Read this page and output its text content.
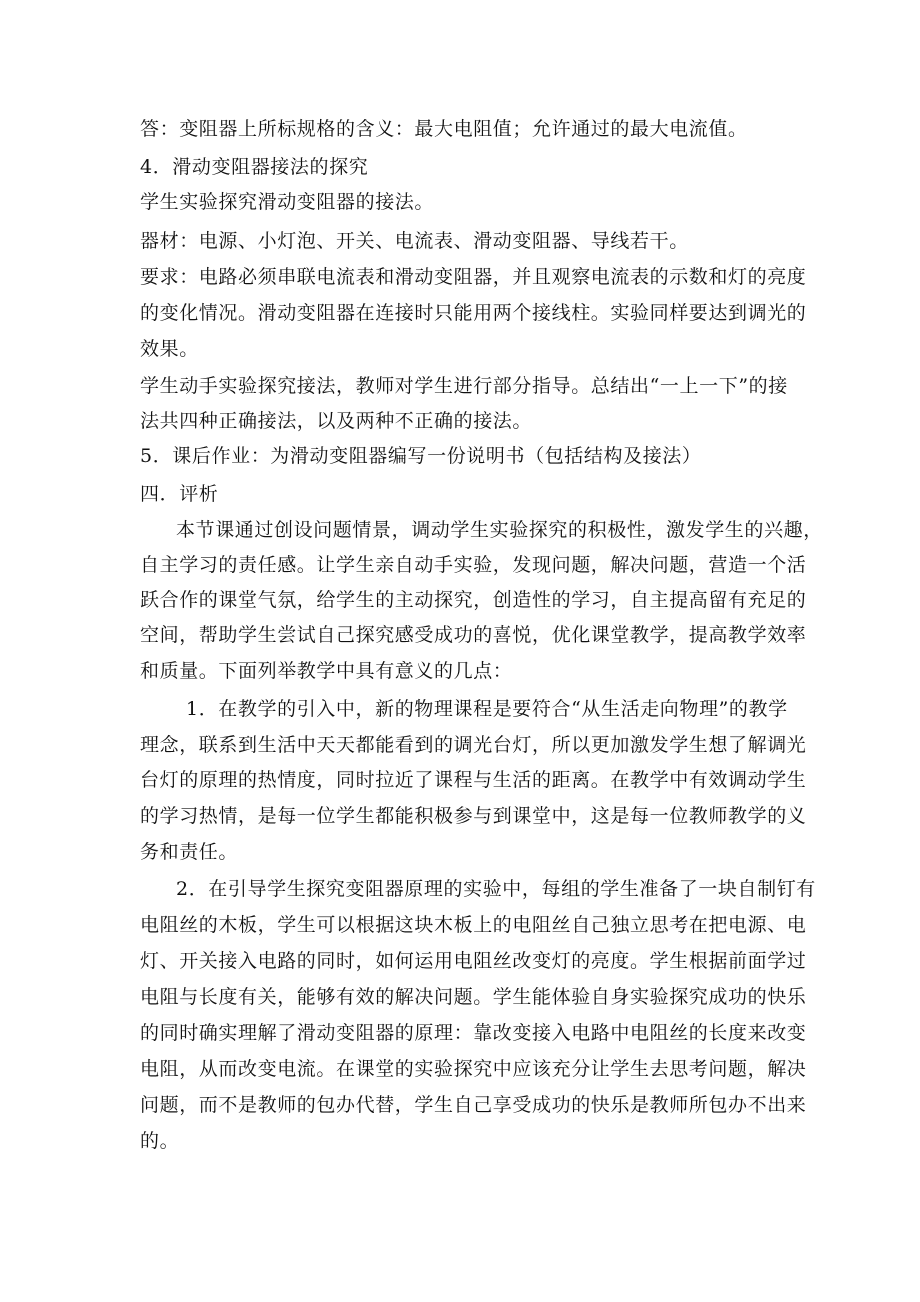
答：变阻器上所标规格的含义：最大电阻值；允许通过的最大电流值。
4．滑动变阻器接法的探究
学生实验探究滑动变阻器的接法。
器材：电源、小灯泡、开关、电流表、滑动变阻器、导线若干。
要求：电路必须串联电流表和滑动变阻器，并且观察电流表的示数和灯的亮度
的变化情况。滑动变阻器在连接时只能用两个接线柱。实验同样要达到调光的
效果。
学生动手实验探究接法，教师对学生进行部分指导。总结出“一上一下”的接
法共四种正确接法，以及两种不正确的接法。
5．课后作业：为滑动变阻器编写一份说明书（包括结构及接法）
四．评析
本节课通过创设问题情景，调动学生实验探究的积极性，激发学生的兴趣，
自主学习的责任感。让学生亲自动手实验，发现问题，解决问题，营造一个活
跃合作的课堂气氛，给学生的主动探究，创造性的学习，自主提高留有充足的
空间，帮助学生尝试自己探究感受成功的喜悦，优化课堂教学，提高教学效率
和质量。下面列举教学中具有意义的几点：
1．在教学的引入中，新的物理课程是要符合“从生活走向物理”的教学
理念，联系到生活中天天都能看到的调光台灯，所以更加激发学生想了解调光
台灯的原理的热情度，同时拉近了课程与生活的距离。在教学中有效调动学生
的学习热情，是每一位学生都能积极参与到课堂中，这是每一位教师教学的义
务和责任。
2．在引导学生探究变阻器原理的实验中，每组的学生准备了一块自制钉有
电阻丝的木板，学生可以根据这块木板上的电阻丝自己独立思考在把电源、电
灯、开关接入电路的同时，如何运用电阻丝改变灯的亮度。学生根据前面学过
电阻与长度有关，能够有效的解决问题。学生能体验自身实验探究成功的快乐
的同时确实理解了滑动变阻器的原理：靠改变接入电路中电阻丝的长度来改变
电阻，从而改变电流。在课堂的实验探究中应该充分让学生去思考问题，解决
问题，而不是教师的包办代替，学生自己享受成功的快乐是教师所包办不出来
的。
